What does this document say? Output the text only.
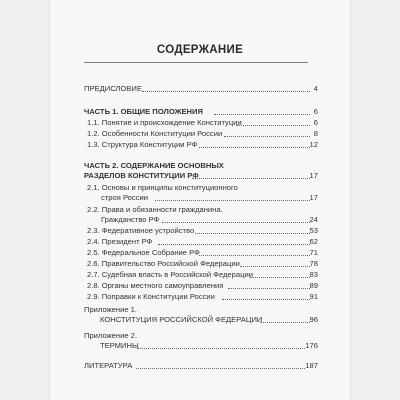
СОДЕРЖАНИЕ
ПРЕДИСЛОВИЕ	4
ЧАСТЬ 1. ОБЩИЕ ПОЛОЖЕНИЯ	6
1.1. Понятие и происхождение Конституции	6
1.2. Особенности Конституции России	8
1.3. Структура Конституции РФ	12
ЧАСТЬ 2. СОДЕРЖАНИЕ ОСНОВНЫХ
РАЗДЕЛОВ КОНСТИТУЦИИ РФ	17
2.1. Основы и принципы конституционного
строя России	17
2.2. Права и обязанности гражданина.
Гражданство РФ	24
2.3. Федеративное устройство	53
2.4. Президент РФ	62
2.5. Федеральное Собрание РФ	71
2.6. Правительство Российской Федерации	78
2.7. Судебная власть в Российской Федерации	83
2.8. Органы местного самоуправления	89
2.9. Поправки к Конституции России	91
Приложение 1.
КОНСТИТУЦИЯ РОССИЙСКОЙ ФЕДЕРАЦИИ	96
Приложение 2.
ТЕРМИНЫ	176
ЛИТЕРАТУРА	187
